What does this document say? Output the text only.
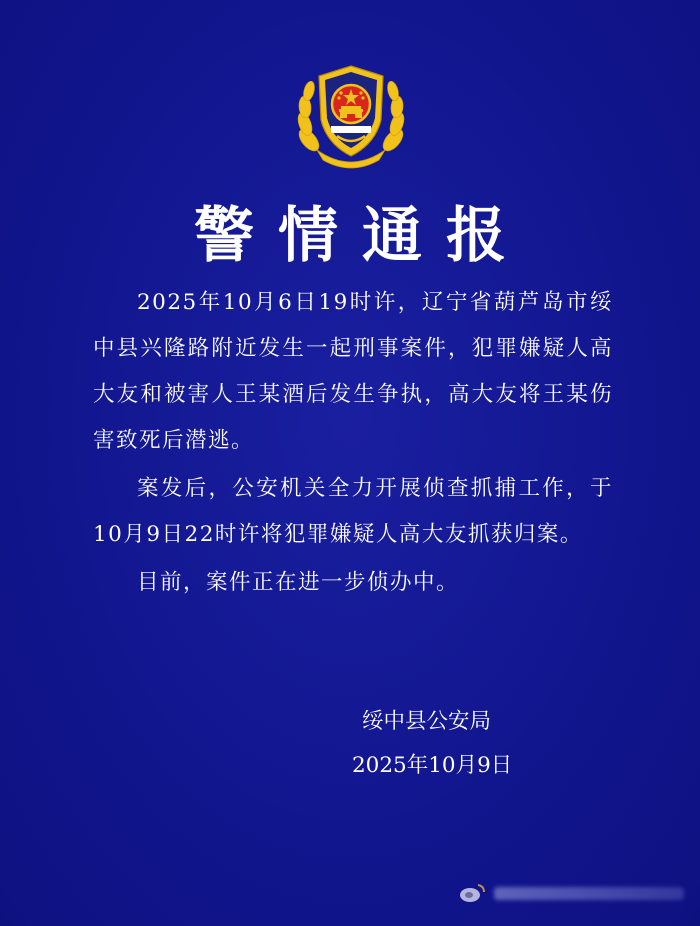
警情通报

2025年10月6日19时许，辽宁省葫芦岛市绥中县兴隆路附近发生一起刑事案件，犯罪嫌疑人高大友和被害人王某酒后发生争执，高大友将王某伤害致死后潜逃。

案发后，公安机关全力开展侦查抓捕工作，于10月9日22时许将犯罪嫌疑人高大友抓获归案。

目前，案件正在进一步侦办中。

绥中县公安局
2025年10月9日
